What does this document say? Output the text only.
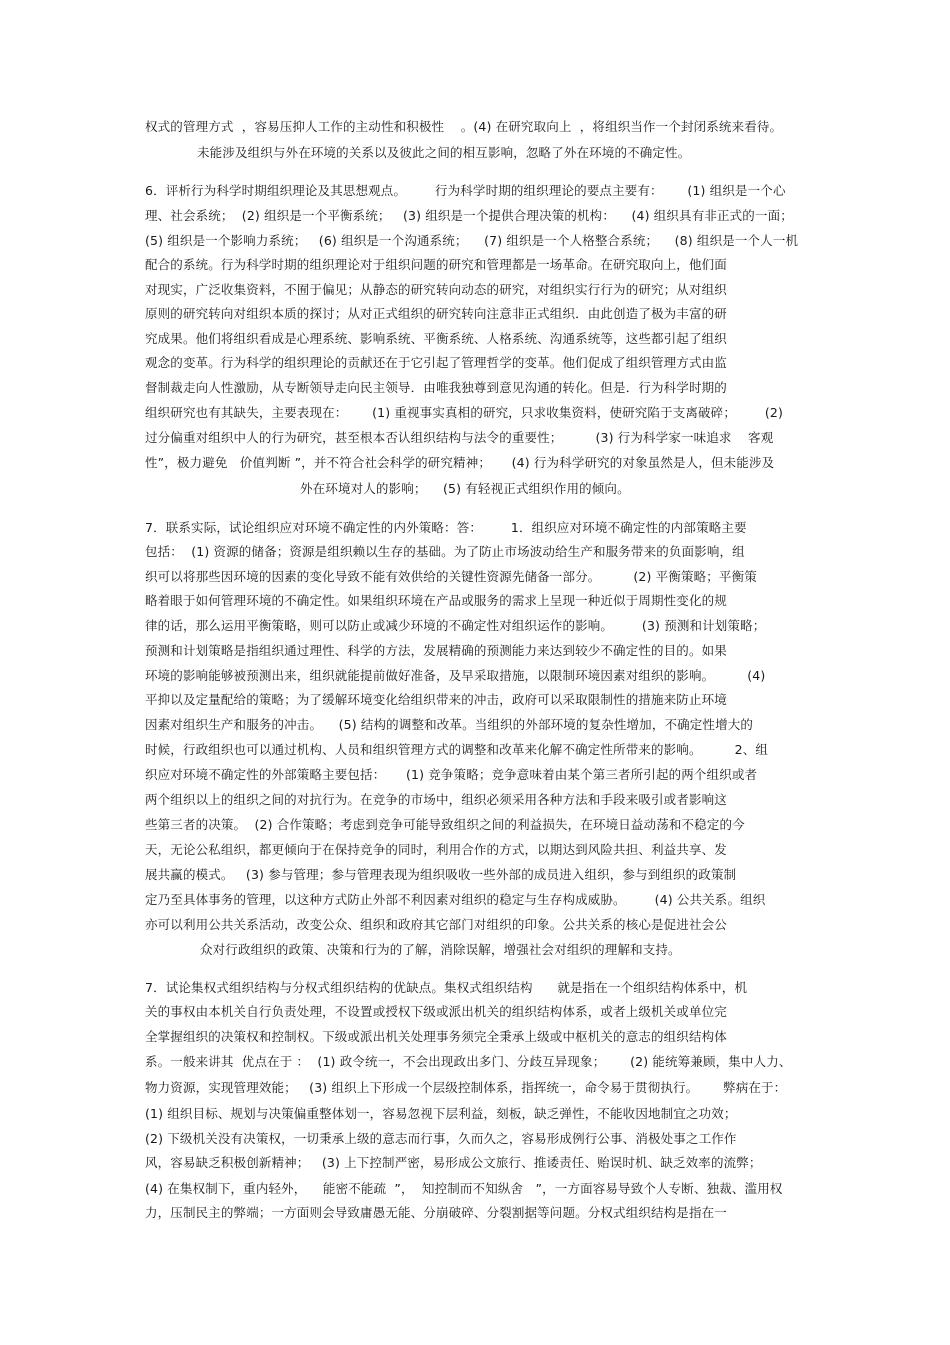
权式的管理方式  ，容易压抑人工作的主动性和积极性    。(4) 在研究取向上  ，将组织当作一个封闭系统来看待。
未能涉及组织与外在环境的关系以及彼此之间的相互影响，忽略了外在环境的不确定性。
6．评析行为科学时期组织理论及其思想观点。       行为科学时期的组织理论的要点主要有：      (1) 组织是一个心
理、社会系统；  (2) 组织是一个平衡系统；   (3) 组织是一个提供合理决策的机构：    (4) 组织具有非正式的一面；
(5) 组织是一个影响力系统；   (6) 组织是一个沟通系统；    (7) 组织是一个人格整合系统；    (8) 组织是一个人一机
配合的系统。行为科学时期的组织理论对于组织问题的研究和管理都是一场革命。在研究取向上，他们面
对现实，广泛收集资料，不囿于偏见；从静态的研究转向动态的研究，对组织实行行为的研究；从对组织
原则的研究转向对组织本质的探讨；从对正式组织的研究转向注意非正式组织．由此创造了极为丰富的研
究成果。他们将组织看成是心理系统、影响系统、平衡系统、人格系统、沟通系统等，这些都引起了组织
观念的变革。行为科学的组织理论的贡献还在于它引起了管理哲学的变革。他们促成了组织管理方式由监
督制裁走向人性激励，从专断领导走向民主领导．由唯我独尊到意见沟通的转化。但是．行为科学时期的
组织研究也有其缺失，主要表现在：      (1) 重视事实真相的研究，只求收集资料，使研究陷于支离破碎；       (2)
过分偏重对组织中人的行为研究，甚至根本否认组织结构与法令的重要性；        (3) 行为科学家一味追求    客观
性”，极力避免   价值判断 ”，并不符合社会科学的研究精神；     (4) 行为科学研究的对象虽然是人，但未能涉及
外在环境对人的影响；    (5) 有轻视正式组织作用的倾向。
7．联系实际，试论组织应对环境不确定性的内外策略：答：       1．组织应对环境不确定性的内部策略主要
包括：  (1) 资源的储备；资源是组织赖以生存的基础。为了防止市场波动给生产和服务带来的负面影响，组
织可以将那些因环境的因素的变化导致不能有效供给的关键性资源先储备一部分。        (2) 平衡策略；平衡策
略着眼于如何管理环境的不确定性。如果组织环境在产品或服务的需求上呈现一种近似于周期性变化的规
律的话，那么运用平衡策略，则可以防止或减少环境的不确定性对组织运作的影响。       (3) 预测和计划策略；
预测和计划策略是指组织通过理性、科学的方法，发展精确的预测能力来达到较少不确定性的目的。如果
环境的影响能够被预测出来，组织就能提前做好准备，及早采取措施，以限制环境因素对组织的影响。        (4)
平抑以及定量配给的策略；为了缓解环境变化给组织带来的冲击，政府可以采取限制性的措施来防止环境
因素对组织生产和服务的冲击。    (5) 结构的调整和改革。当组织的外部环境的复杂性增加，不确定性增大的
时候，行政组织也可以通过机构、人员和组织管理方式的调整和改革来化解不确定性所带来的影响。        2、组
织应对环境不确定性的外部策略主要包括：     (1) 竞争策略；竞争意味着由某个第三者所引起的两个组织或者
两个组织以上的组织之间的对抗行为。在竞争的市场中，组织必须采用各种方法和手段来吸引或者影响这
些第三者的决策。  (2) 合作策略；考虑到竞争可能导致组织之间的利益损失，在环境日益动荡和不稳定的今
天，无论公私组织，都更倾向于在保持竞争的同时，利用合作的方式，以期达到风险共担、利益共享、发
展共赢的模式。   (3) 参与管理；参与管理表现为组织吸收一些外部的成员进入组织，参与到组织的政策制
定乃至具体事务的管理，以这种方式防止外部不利因素对组织的稳定与生存构成威胁。       (4) 公共关系。组织
亦可以利用公共关系活动，改变公众、组织和政府其它部门对组织的印象。公共关系的核心是促进社会公
众对行政组织的政策、决策和行为的了解，消除误解，增强社会对组织的理解和支持。
7．试论集权式组织结构与分权式组织结构的优缺点。集权式组织结构      就是指在一个组织结构体系中，机
关的事权由本机关自行负责处理，不设置或授权下级或派出机关的组织结构体系，或者上级机关或单位完
全掌握组织的决策权和控制权。下级或派出机关处理事务须完全秉承上级或中枢机关的意志的组织结构体
系。一般来讲其  优点在于 ：  (1) 政令统一，不会出现政出多门、分歧互异现象；      (2) 能统筹兼顾，集中人力、
物力资源，实现管理效能；   (3) 组织上下形成一个层级控制体系，指挥统一，命令易于贯彻执行。      弊病在于：
(1) 组织目标、规划与决策偏重整体划一，容易忽视下层利益，刻板，缺乏弹性，不能收因地制宜之功效；
(2) 下级机关没有决策权，一切秉承上级的意志而行事，久而久之，容易形成例行公事、消极处事之工作作
风，容易缺乏积极创新精神；   (3) 上下控制严密，易形成公文旅行、推诿责任、贻误时机、缺乏效率的流弊；
(4) 在集权制下，重内轻外，    能密不能疏  ”，  知控制而不知纵舍   ”，一方面容易导致个人专断、独裁、滥用权
力，压制民主的弊端；一方面则会导致庸愚无能、分崩破碎、分裂割据等问题。分权式组织结构是指在一
